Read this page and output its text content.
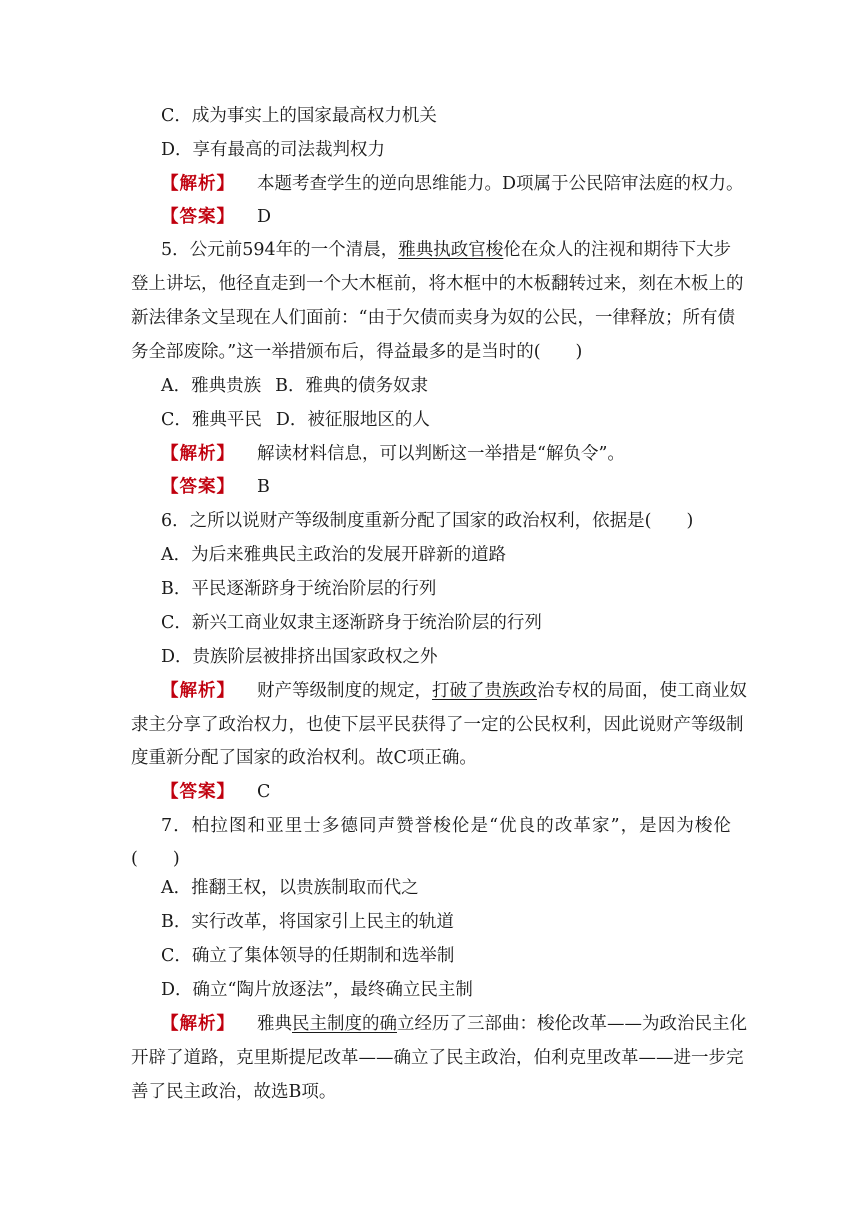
C．成为事实上的国家最高权力机关
D．享有最高的司法裁判权力
【解析】 本题考查学生的逆向思维能力。D项属于公民陪审法庭的权力。
【答案】 D
5．公元前594年的一个清晨，雅典执政官梭伦在众人的注视和期待下大步
登上讲坛，他径直走到一个大木框前，将木框中的木板翻转过来，刻在木板上的
新法律条文呈现在人们面前：“由于欠债而卖身为奴的公民，一律释放；所有债
务全部废除。”这一举措颁布后，得益最多的是当时的(　　)
A．雅典贵族 B．雅典的债务奴隶
C．雅典平民 D．被征服地区的人
【解析】 解读材料信息，可以判断这一举措是“解负令”。
【答案】 B
6．之所以说财产等级制度重新分配了国家的政治权利，依据是(　　)
A．为后来雅典民主政治的发展开辟新的道路
B．平民逐渐跻身于统治阶层的行列
C．新兴工商业奴隶主逐渐跻身于统治阶层的行列
D．贵族阶层被排挤出国家政权之外
【解析】 财产等级制度的规定，打破了贵族政治专权的局面，使工商业奴
隶主分享了政治权力，也使下层平民获得了一定的公民权利，因此说财产等级制
度重新分配了国家的政治权利。故C项正确。
【答案】 C
7．柏拉图和亚里士多德同声赞誉梭伦是“优良的改革家”，是因为梭伦
(　　)
A．推翻王权，以贵族制取而代之
B．实行改革，将国家引上民主的轨道
C．确立了集体领导的任期制和选举制
D．确立“陶片放逐法”，最终确立民主制
【解析】 雅典民主制度的确立经历了三部曲：梭伦改革——为政治民主化
开辟了道路，克里斯提尼改革——确立了民主政治，伯利克里改革——进一步完
善了民主政治，故选B项。
